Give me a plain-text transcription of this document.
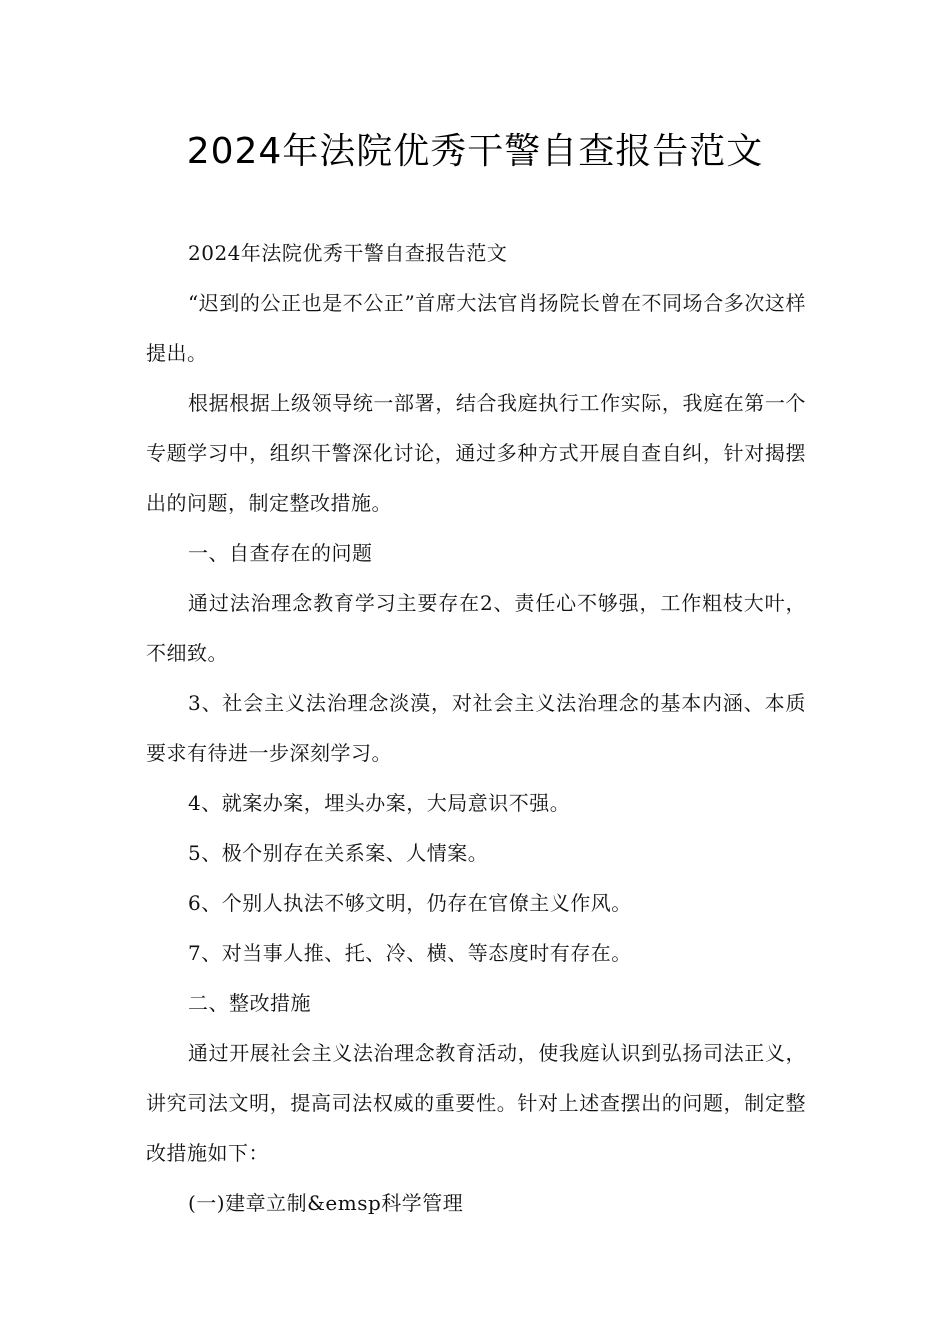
2024年法院优秀干警自查报告范文

2024年法院优秀干警自查报告范文

“迟到的公正也是不公正”首席大法官肖扬院长曾在不同场合多次这样提出。

根据根据上级领导统一部署，结合我庭执行工作实际，我庭在第一个专题学习中，组织干警深化讨论，通过多种方式开展自查自纠，针对揭摆出的问题，制定整改措施。

一、自查存在的问题

通过法治理念教育学习主要存在2、责任心不够强，工作粗枝大叶，不细致。

3、社会主义法治理念淡漠，对社会主义法治理念的基本内涵、本质要求有待进一步深刻学习。

4、就案办案，埋头办案，大局意识不强。

5、极个别存在关系案、人情案。

6、个别人执法不够文明，仍存在官僚主义作风。

7、对当事人推、托、冷、横、等态度时有存在。

二、整改措施

通过开展社会主义法治理念教育活动，使我庭认识到弘扬司法正义，讲究司法文明，提高司法权威的重要性。针对上述查摆出的问题，制定整改措施如下：

(一)建章立制&emsp科学管理
